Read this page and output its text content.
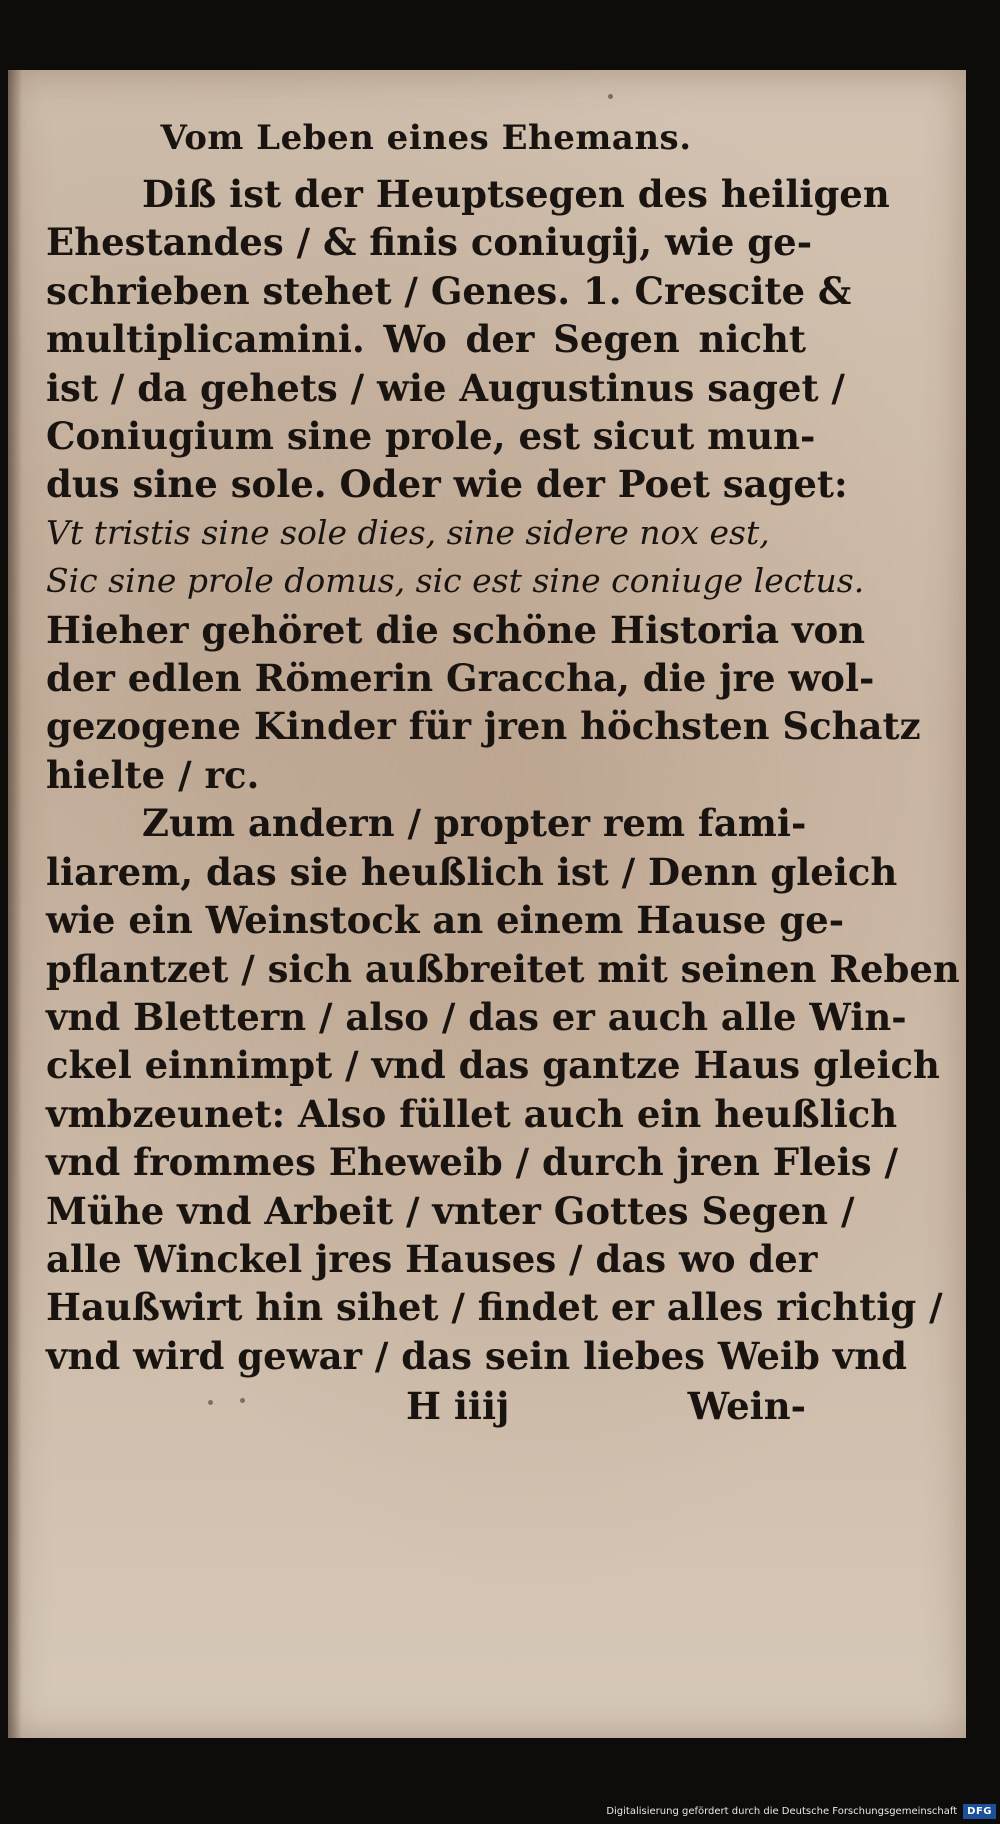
Vom Leben eines Ehemans.
Diß ist der Heuptsegen des heiligen
Ehestandes / & finis coniugij, wie ge-
schrieben stehet / Genes. 1. Crescite &
multiplicamini. Wo der Segen nicht
ist / da gehets / wie Augustinus saget /
Coniugium sine prole, est sicut mun-
dus sine sole. Oder wie der Poet saget:
Vt tristis sine sole dies, sine sidere nox est,
Sic sine prole domus, sic est sine coniuge lectus.
Hieher gehöret die schöne Historia von
der edlen Römerin Graccha, die jre wol-
gezogene Kinder für jren höchsten Schatz
hielte / rc.
Zum andern / propter rem fami-
liarem, das sie heußlich ist / Denn gleich
wie ein Weinstock an einem Hause ge-
pflantzet / sich außbreitet mit seinen Reben
vnd Blettern / also / das er auch alle Win-
ckel einnimpt / vnd das gantze Haus gleich
vmbzeunet: Also füllet auch ein heußlich
vnd frommes Eheweib / durch jren Fleis /
Mühe vnd Arbeit / vnter Gottes Segen /
alle Winckel jres Hauses / das wo der
Haußwirt hin sihet / findet er alles richtig /
vnd wird gewar / das sein liebes Weib vnd
H iiij	Wein-
Digitalisierung gefördert durch die Deutsche Forschungsgemeinschaft	DFG
